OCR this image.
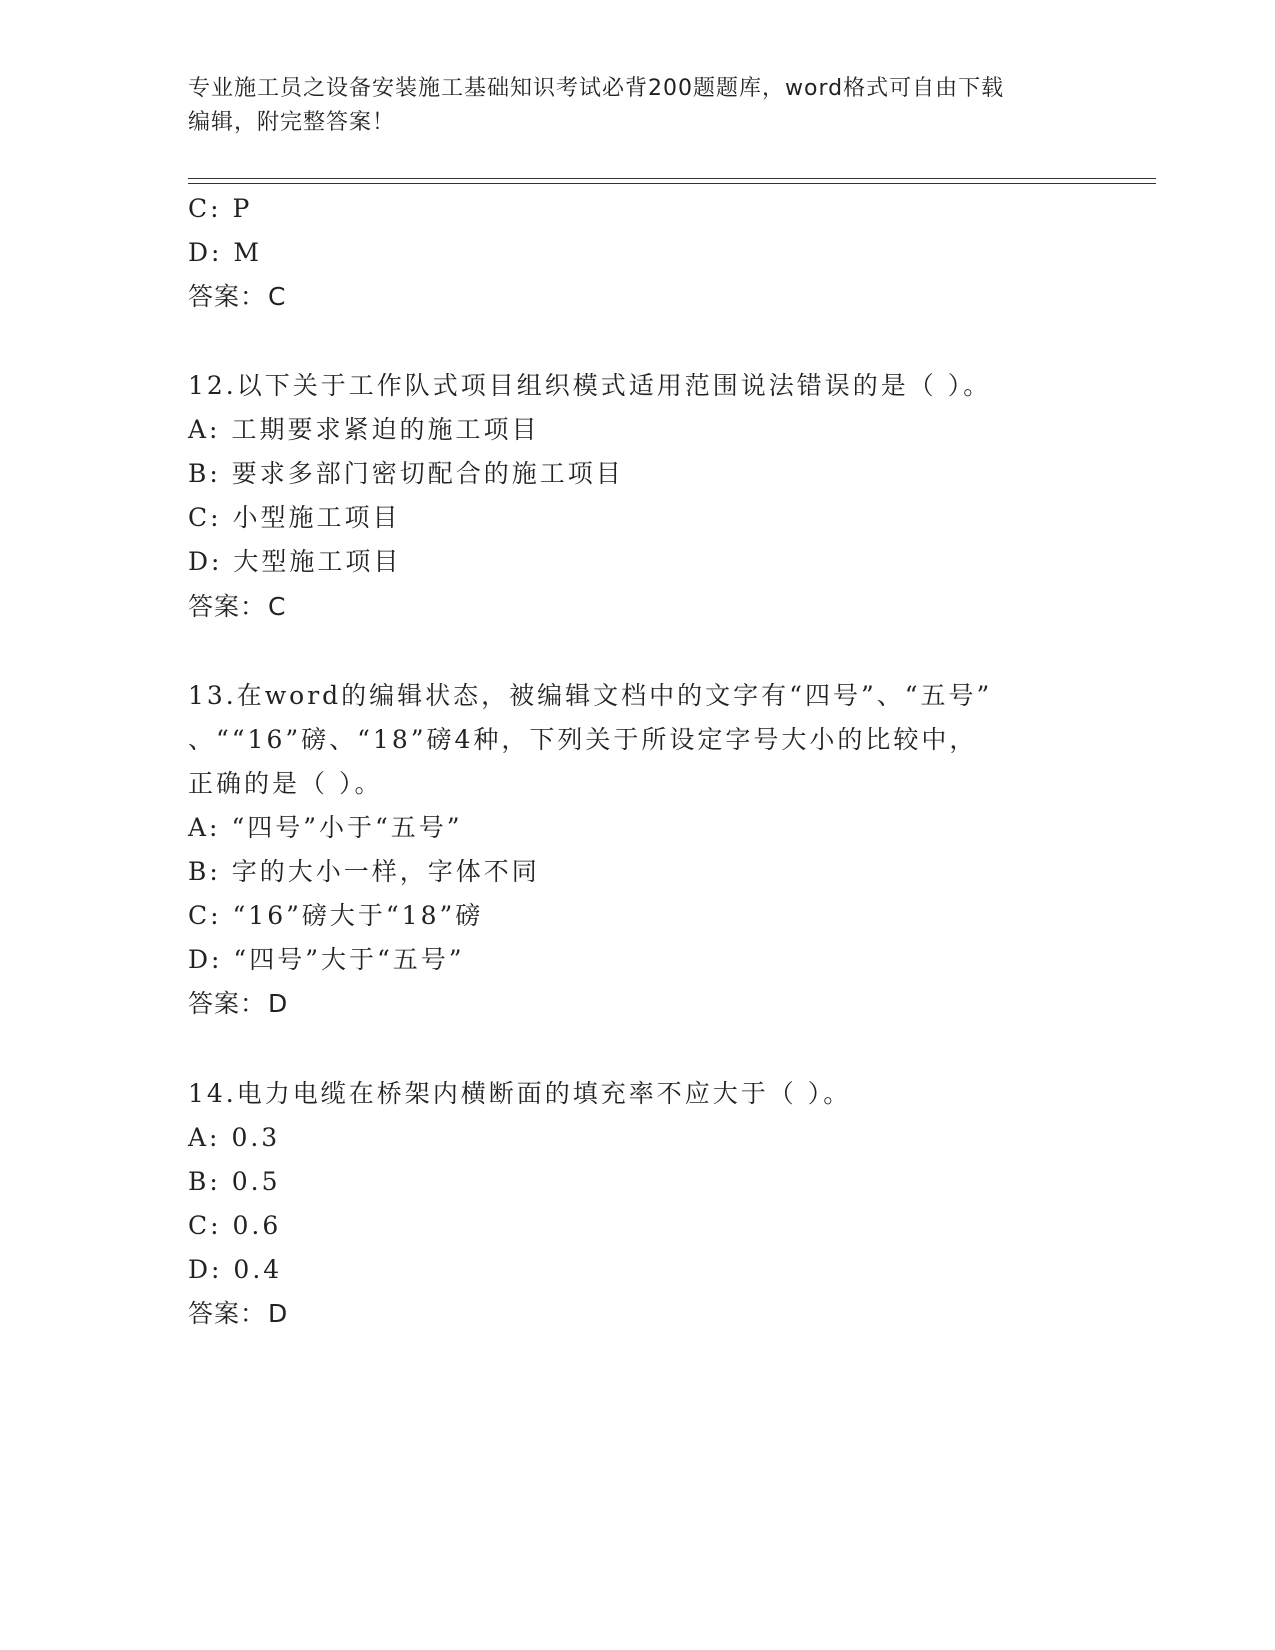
专业施工员之设备安装施工基础知识考试必背200题题库，word格式可自由下载
编辑，附完整答案！
C: P
D: M
答案：C
12.以下关于工作队式项目组织模式适用范围说法错误的是（ ）。
A: 工期要求紧迫的施工项目
B: 要求多部门密切配合的施工项目
C: 小型施工项目
D: 大型施工项目
答案：C
13.在word的编辑状态，被编辑文档中的文字有“四号”、“五号”
、““16”磅、“18”磅4种，下列关于所设定字号大小的比较中，
正确的是（ ）。
A: “四号”小于“五号”
B: 字的大小一样，字体不同
C: “16”磅大于“18”磅
D: “四号”大于“五号”
答案：D
14.电力电缆在桥架内横断面的填充率不应大于（ ）。
A: 0.3
B: 0.5
C: 0.6
D: 0.4
答案：D
